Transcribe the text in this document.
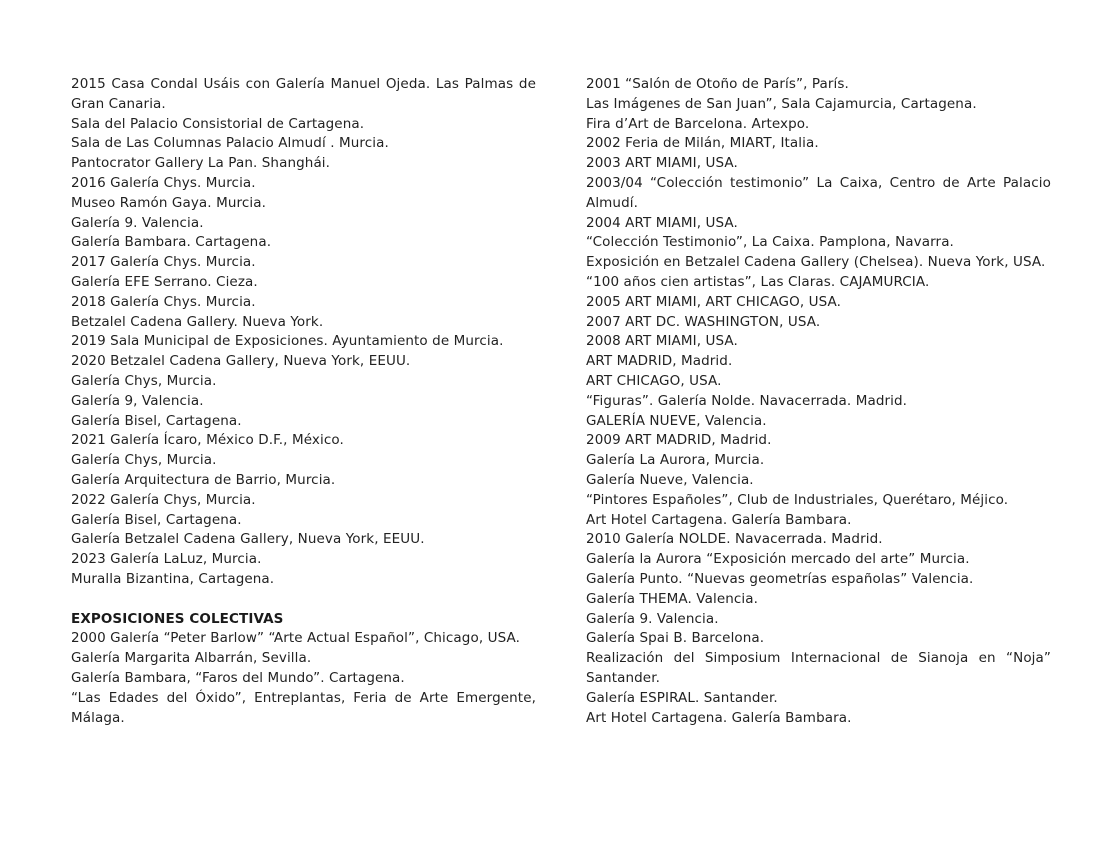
2015 Casa Condal Usáis con Galería Manuel Ojeda. Las Palmas de Gran Canaria.
Sala del Palacio Consistorial de Cartagena.
Sala de Las Columnas Palacio Almudí . Murcia.
Pantocrator Gallery La Pan. Shanghái.
2016 Galería Chys. Murcia.
Museo Ramón Gaya. Murcia.
Galería 9. Valencia.
Galería Bambara. Cartagena.
2017 Galería Chys. Murcia.
Galería EFE Serrano. Cieza.
2018 Galería Chys. Murcia.
Betzalel Cadena Gallery. Nueva York.
2019 Sala Municipal de Exposiciones. Ayuntamiento de Murcia.
2020 Betzalel Cadena Gallery, Nueva York, EEUU.
Galería Chys, Murcia.
Galería 9, Valencia.
Galería Bisel, Cartagena.
2021 Galería Ícaro, México D.F., México.
Galería Chys, Murcia.
Galería Arquitectura de Barrio, Murcia.
2022 Galería Chys, Murcia.
Galería Bisel, Cartagena.
Galería Betzalel Cadena Gallery, Nueva York, EEUU.
2023 Galería LaLuz, Murcia.
Muralla Bizantina, Cartagena.
EXPOSICIONES COLECTIVAS
2000 Galería “Peter Barlow” “Arte Actual Español”, Chicago, USA.
Galería Margarita Albarrán, Sevilla.
Galería Bambara, “Faros del Mundo”. Cartagena.
“Las Edades del Óxido”, Entreplantas, Feria de Arte Emergente, Málaga.
2001 “Salón de Otoño de París”, París.
Las Imágenes de San Juan”, Sala Cajamurcia, Cartagena.
Fira d’Art de Barcelona. Artexpo.
2002 Feria de Milán, MIART, Italia.
2003 ART MIAMI, USA.
2003/04 “Colección testimonio” La Caixa, Centro de Arte Palacio Almudí.
2004 ART MIAMI, USA.
“Colección Testimonio”, La Caixa. Pamplona, Navarra.
Exposición en Betzalel Cadena Gallery (Chelsea). Nueva York, USA.
“100 años cien artistas”, Las Claras. CAJAMURCIA.
2005 ART MIAMI, ART CHICAGO, USA.
2007 ART DC. WASHINGTON, USA.
2008 ART MIAMI, USA.
ART MADRID, Madrid.
ART CHICAGO, USA.
“Figuras”. Galería Nolde. Navacerrada. Madrid.
GALERÍA NUEVE, Valencia.
2009 ART MADRID, Madrid.
Galería La Aurora, Murcia.
Galería Nueve, Valencia.
“Pintores Españoles”, Club de Industriales, Querétaro, Méjico.
Art Hotel Cartagena. Galería Bambara.
2010 Galería NOLDE. Navacerrada. Madrid.
Galería la Aurora “Exposición mercado del arte” Murcia.
Galería Punto. “Nuevas geometrías españolas” Valencia.
Galería THEMA. Valencia.
Galería 9. Valencia.
Galería Spai B. Barcelona.
Realización del Simposium Internacional de Sianoja en “Noja” Santander.
Galería ESPIRAL. Santander.
Art Hotel Cartagena. Galería Bambara.
